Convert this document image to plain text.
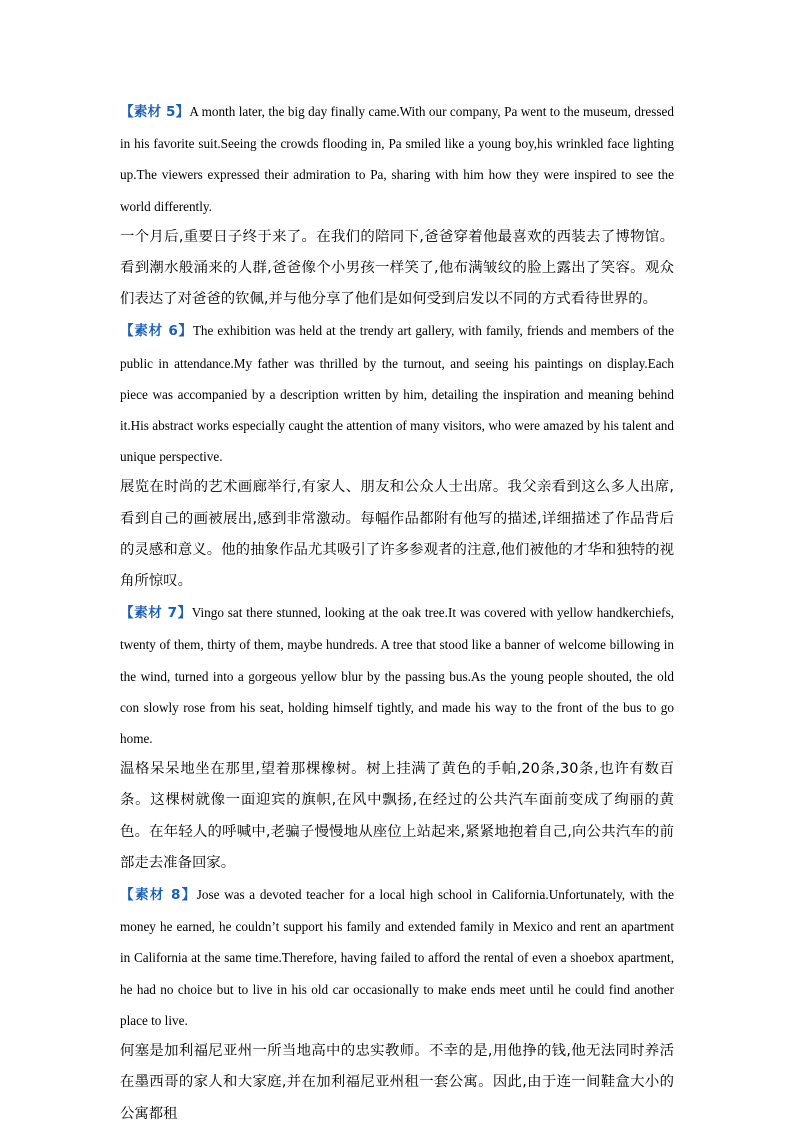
【素材 5】A month later, the big day finally came.With our company, Pa went to the museum, dressed in his favorite suit.Seeing the crowds flooding in, Pa smiled like a young boy,his wrinkled face lighting up.The viewers expressed their admiration to Pa, sharing with him how they were inspired to see the world differently.

一个月后,重要日子终于来了。在我们的陪同下,爸爸穿着他最喜欢的西装去了博物馆。看到潮水般涌来的人群,爸爸像个小男孩一样笑了,他布满皱纹的脸上露出了笑容。观众们表达了对爸爸的钦佩,并与他分享了他们是如何受到启发以不同的方式看待世界的。

【素材 6】The exhibition was held at the trendy art gallery, with family, friends and members of the public in attendance.My father was thrilled by the turnout, and seeing his paintings on display.Each piece was accompanied by a description written by him, detailing the inspiration and meaning behind it.His abstract works especially caught the attention of many visitors, who were amazed by his talent and unique perspective.

展览在时尚的艺术画廊举行,有家人、朋友和公众人士出席。我父亲看到这么多人出席,看到自己的画被展出,感到非常激动。每幅作品都附有他写的描述,详细描述了作品背后的灵感和意义。他的抽象作品尤其吸引了许多参观者的注意,他们被他的才华和独特的视角所惊叹。

【素材 7】Vingo sat there stunned, looking at the oak tree.It was covered with yellow handkerchiefs, twenty of them, thirty of them, maybe hundreds. A tree that stood like a banner of welcome billowing in the wind, turned into a gorgeous yellow blur by the passing bus.As the young people shouted, the old con slowly rose from his seat, holding himself tightly, and made his way to the front of the bus to go home.

温格呆呆地坐在那里,望着那棵橡树。树上挂满了黄色的手帕,20条,30条,也许有数百条。这棵树就像一面迎宾的旗帜,在风中飘扬,在经过的公共汽车面前变成了绚丽的黄色。在年轻人的呼喊中,老骗子慢慢地从座位上站起来,紧紧地抱着自己,向公共汽车的前部走去准备回家。

【素材 8】Jose was a devoted teacher for a local high school in California.Unfortunately, with the money he earned, he couldn’t support his family and extended family in Mexico and rent an apartment in California at the same time.Therefore, having failed to afford the rental of even a shoebox apartment, he had no choice but to live in his old car occasionally to make ends meet until he could find another place to live.

何塞是加利福尼亚州一所当地高中的忠实教师。不幸的是,用他挣的钱,他无法同时养活在墨西哥的家人和大家庭,并在加利福尼亚州租一套公寓。因此,由于连一间鞋盒大小的公寓都租
